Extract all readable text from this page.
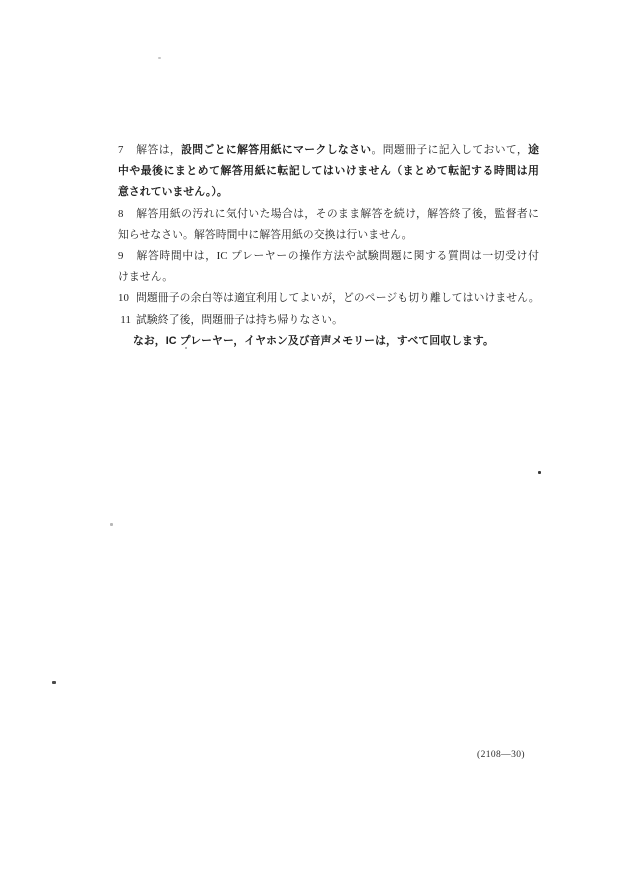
7 解答は，設問ごとに解答用紙にマークしなさい。問題冊子に記入しておいて，途
中や最後にまとめて解答用紙に転記してはいけません（まとめて転記する時間は用
意されていません。）。
8 解答用紙の汚れに気付いた場合は，そのまま解答を続け，解答終了後，監督者に
知らせなさい。解答時間中に解答用紙の交換は行いません。
9 解答時間中は，IC プレーヤーの操作方法や試験問題に関する質問は一切受け付
けません。
10 問題冊子の余白等は適宜利用してよいが，どのページも切り離してはいけません。
11 試験終了後，問題冊子は持ち帰りなさい。
なお，IC プレーヤー，イヤホン及び音声メモリーは，すべて回収します。
(2108—30)
